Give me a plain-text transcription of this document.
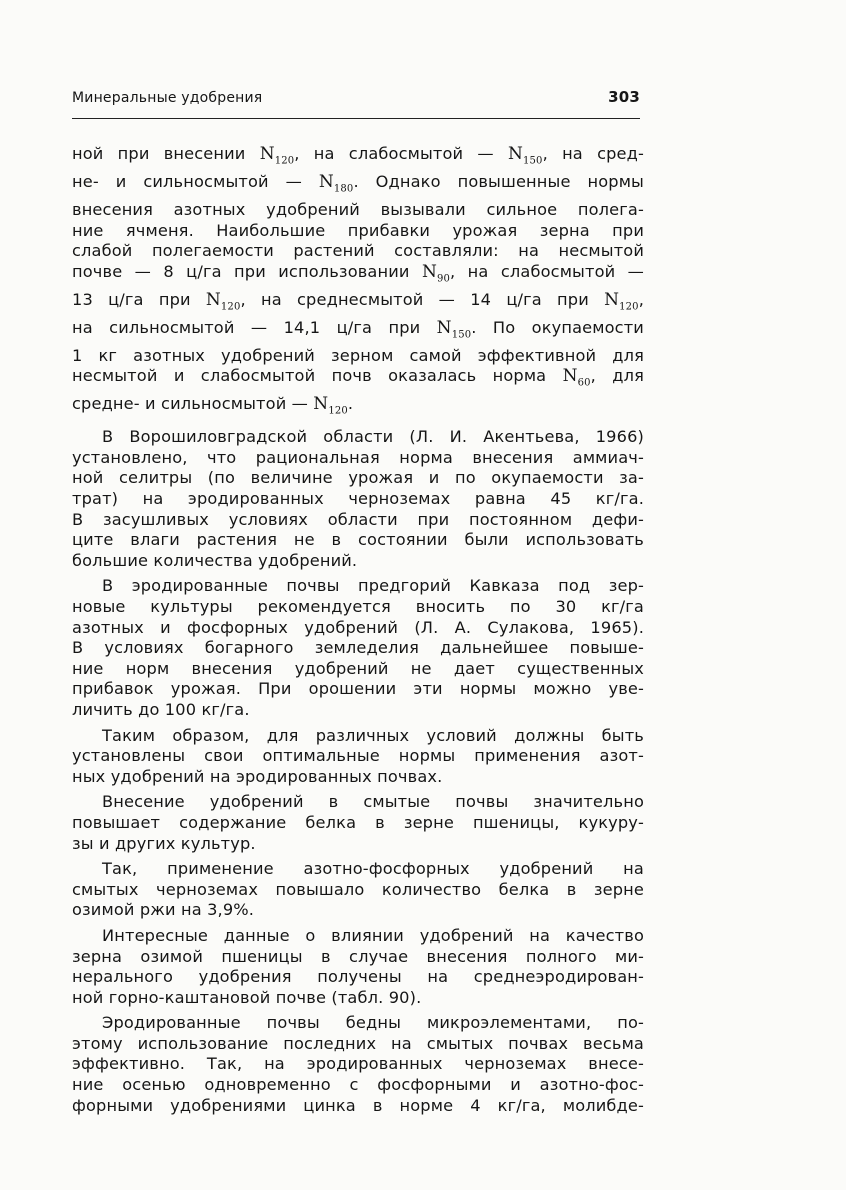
Минеральные удобрения	303
ной при внесении $N_{120}$, на слабосмытой — $N_{150}$, на сред-
не- и сильносмытой — $N_{180}$. Однако повышенные нормы
внесения азотных удобрений вызывали сильное полега-
ние ячменя. Наибольшие прибавки урожая зерна при
слабой полегаемости растений составляли: на несмытой
почве — 8 ц/га при использовании $N_{90}$, на слабосмытой —
13 ц/га при $N_{120}$, на среднесмытой — 14 ц/га при $N_{120}$,
на сильносмытой — 14,1 ц/га при $N_{150}$. По окупаемости
1 кг азотных удобрений зерном самой эффективной для
несмытой и слабосмытой почв оказалась норма $N_{60}$, для
средне- и сильносмытой — $N_{120}$.
В Ворошиловградской области (Л. И. Акентьева, 1966)
установлено, что рациональная норма внесения аммиач-
ной селитры (по величине урожая и по окупаемости за-
трат) на эродированных черноземах равна 45 кг/га.
В засушливых условиях области при постоянном дефи-
ците влаги растения не в состоянии были использовать
большие количества удобрений.
В эродированные почвы предгорий Кавказа под зер-
новые культуры рекомендуется вносить по 30 кг/га
азотных и фосфорных удобрений (Л. А. Сулакова, 1965).
В условиях богарного земледелия дальнейшее повыше-
ние норм внесения удобрений не дает существенных
прибавок урожая. При орошении эти нормы можно уве-
личить до 100 кг/га.
Таким образом, для различных условий должны быть
установлены свои оптимальные нормы применения азот-
ных удобрений на эродированных почвах.
Внесение удобрений в смытые почвы значительно
повышает содержание белка в зерне пшеницы, кукуру-
зы и других культур.
Так, применение азотно-фосфорных удобрений на
смытых черноземах повышало количество белка в зерне
озимой ржи на 3,9%.
Интересные данные о влиянии удобрений на качество
зерна озимой пшеницы в случае внесения полного ми-
нерального удобрения получены на среднеэродирован-
ной горно-каштановой почве (табл. 90).
Эродированные почвы бедны микроэлементами, по-
этому использование последних на смытых почвах весьма
эффективно. Так, на эродированных черноземах внесе-
ние осенью одновременно с фосфорными и азотно-фос-
форными удобрениями цинка в норме 4 кг/га, молибде-
